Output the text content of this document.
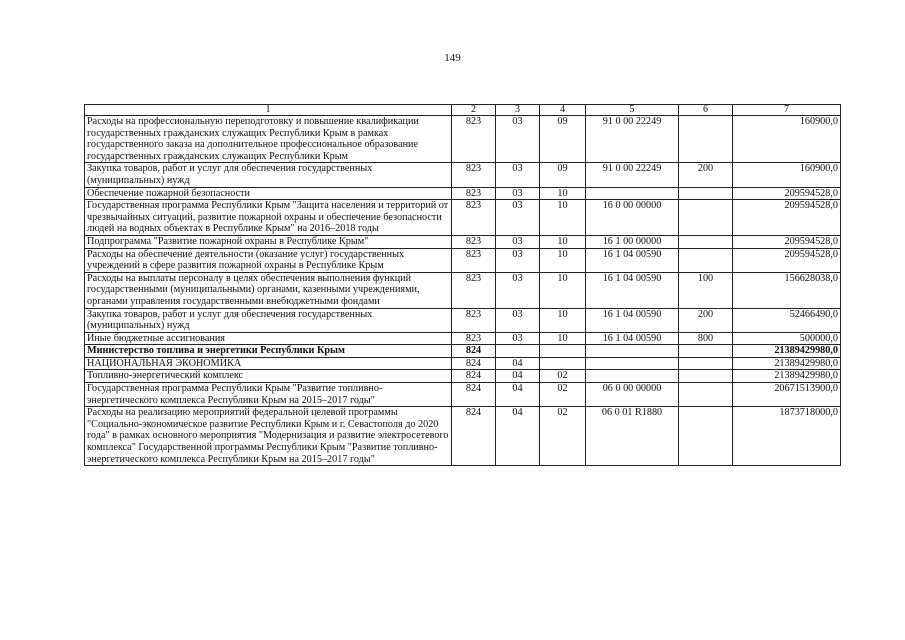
149
1	2	3	4	5	6	7
Расходы на профессиональную переподготовку и повышение квалификации государственных гражданских служащих Республики Крым в рамках государственного заказа на дополнительное профессиональное образование государственных гражданских служащих Республики Крым	823	03	09	91 0 00 22249		160900,0
Закупка товаров, работ и услуг для обеспечения государственных (муниципальных) нужд	823	03	09	91 0 00 22249	200	160900,0
Обеспечение пожарной безопасности	823	03	10			209594528,0
Государственная программа Республики Крым "Защита населения и территорий от чрезвычайных ситуаций, развитие пожарной охраны и обеспечение безопасности людей на водных объектах в Республике Крым" на 2016–2018 годы	823	03	10	16 0 00 00000		209594528,0
Подпрограмма "Развитие пожарной охраны в Республике Крым"	823	03	10	16 1 00 00000		209594528,0
Расходы на обеспечение деятельности (оказание услуг) государственных учреждений в сфере развития пожарной охраны в Республике Крым	823	03	10	16 1 04 00590		209594528,0
Расходы на выплаты персоналу в целях обеспечения выполнения функций государственными (муниципальными) органами, казенными учреждениями, органами управления государственными внебюджетными фондами	823	03	10	16 1 04 00590	100	156628038,0
Закупка товаров, работ и услуг для обеспечения государственных (муниципальных) нужд	823	03	10	16 1 04 00590	200	52466490,0
Иные бюджетные ассигнования	823	03	10	16 1 04 00590	800	500000,0
Министерство топлива и энергетики Республики Крым	824					21389429980,0
НАЦИОНАЛЬНАЯ ЭКОНОМИКА	824	04				21389429980,0
Топливно-энергетический комплекс	824	04	02			21389429980,0
Государственная программа Республики Крым "Развитие топливно-энергетического комплекса Республики Крым на 2015–2017 годы"	824	04	02	06 0 00 00000		20671513900,0
Расходы на реализацию мероприятий федеральной целевой программы "Социально-экономическое развитие Республики Крым и г. Севастополя до 2020 года" в рамках основного мероприятия "Модернизация и развитие электросетевого комплекса" Государственной программы Республики Крым "Развитие топливно-энергетического комплекса Республики Крым на 2015–2017 годы"	824	04	02	06 0 01 R1880		1873718000,0
